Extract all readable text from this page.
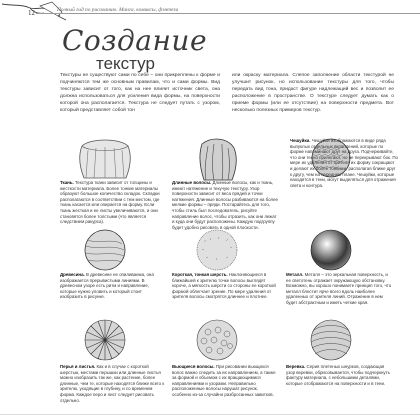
12	Полный гид по рисованию. Манга, комиксы, фэнтези
Создание
текстур
Текстуры не существуют сами по себе – они прикреплены к форме и подчиняются тем же основным правилам, что и сами формы. Вид текстуры зависит от того, как на нее влияет источник света, она должна использоваться для усиления вида формы, на поверхности которой она располагается. Текстура не следует путать с узором, который представляет собой тон
или окраску материала. Слепое заполнение области текстурой не улучшит рисунок, но использование текстуры для того, чтобы передать вид тона, придаст фигуре надлежащий вес и позволит ее расположение в пространстве. О текстуре следует думать как о приеме формы (или ее отсутствие) на поверхности предмета. Вот несколько полезных примеров текстур.
Ткань. Текстура ткани зависит от толщины и жесткости материала. Более тонкие материалы образуют большое количество складок. Складки располагаются в соответствии с тем местом, где ткань касается или опирается на форму. Если ткань жесткая и ее листы увеличиваются, и они становятся более толстыми (что является следствием ракурса).
Длинные волосы. Длинные волосы, как и ткань, имеют натяжение и текучую текстуру. Узор поверхности зависит от веса прядей и точки натяжения. Длинные волосы разбиваются на более мелкие формы – пряди. Постарайтесь для того, чтобы стиль был последователь, рисуйте направление волос, чтобы отразить, как они лежат и куда они будут расположены. Каждую подгруппу будет удобно рисовать в одной плоскости.
Древесина. В древесине не опиливаема, она изображается прерывистыми линиями. В древесном узоре есть ритм и направление, которые нужно уловить и который стоит изобразить в рисунке.
Короткая, тонкая шерсть. Наклоняющиеся в ближайшей к зрителю точке волосы выглядят короче, а мягкость шерсти со стороны ее короткой формой облегчает зрение. По мере удаления от зрителя волосы смотрятся длиннее и плотнее.
Металл. Металл – это зеркальная поверхность, и ее светотень отражает окружающую обстановку. Возможно, вы хорошо понимаете принцип того, что металл блестит ярче всего вдоль наиболее удаленных от зрителя линий. Отражение в нем будет абстрактным и иметь четкие края.
Перья и листья. Как и в случае с короткой шерстью, местами перышки или длинные листья можно изобразить так же, как растение, более длинные, чем те, которые находятся ближе всего к зрителю, уходящие в глубину, и со временем форма. Каждое перо и лист следует рисовать отдельно.
Вьющиеся волосы. При рисовании вьющихся волос важно следить за их направлением, а также за формой и объемом с их вращающимися направлениями и узорами. Неправильно расположенные волосы нарушат рисунок, особенно из-за случайно разбросанных завитков.
Веревка. Серия плетеных шнурков, создающая узор веревки, обрисовывается, чтобы подчеркнуть фактуру материала, с небольшими деталями, которые отображаются на поверхности и в тени.
Чешуйки. Чешуйки изображаются в виде ряда выпуклых отдельных вкраплений, которые по форме напоминают друг на друга. Подчеркивайте, что они тесно прилегают, но не перекрывают бок. По мере их удаления от зрителя их форму сокращают и делают их более тонкими, располагая ближе друг к другу, чем на переднем плане. Чешуйки, которые находятся в тени, могут выделяться для отражения света и контура.
